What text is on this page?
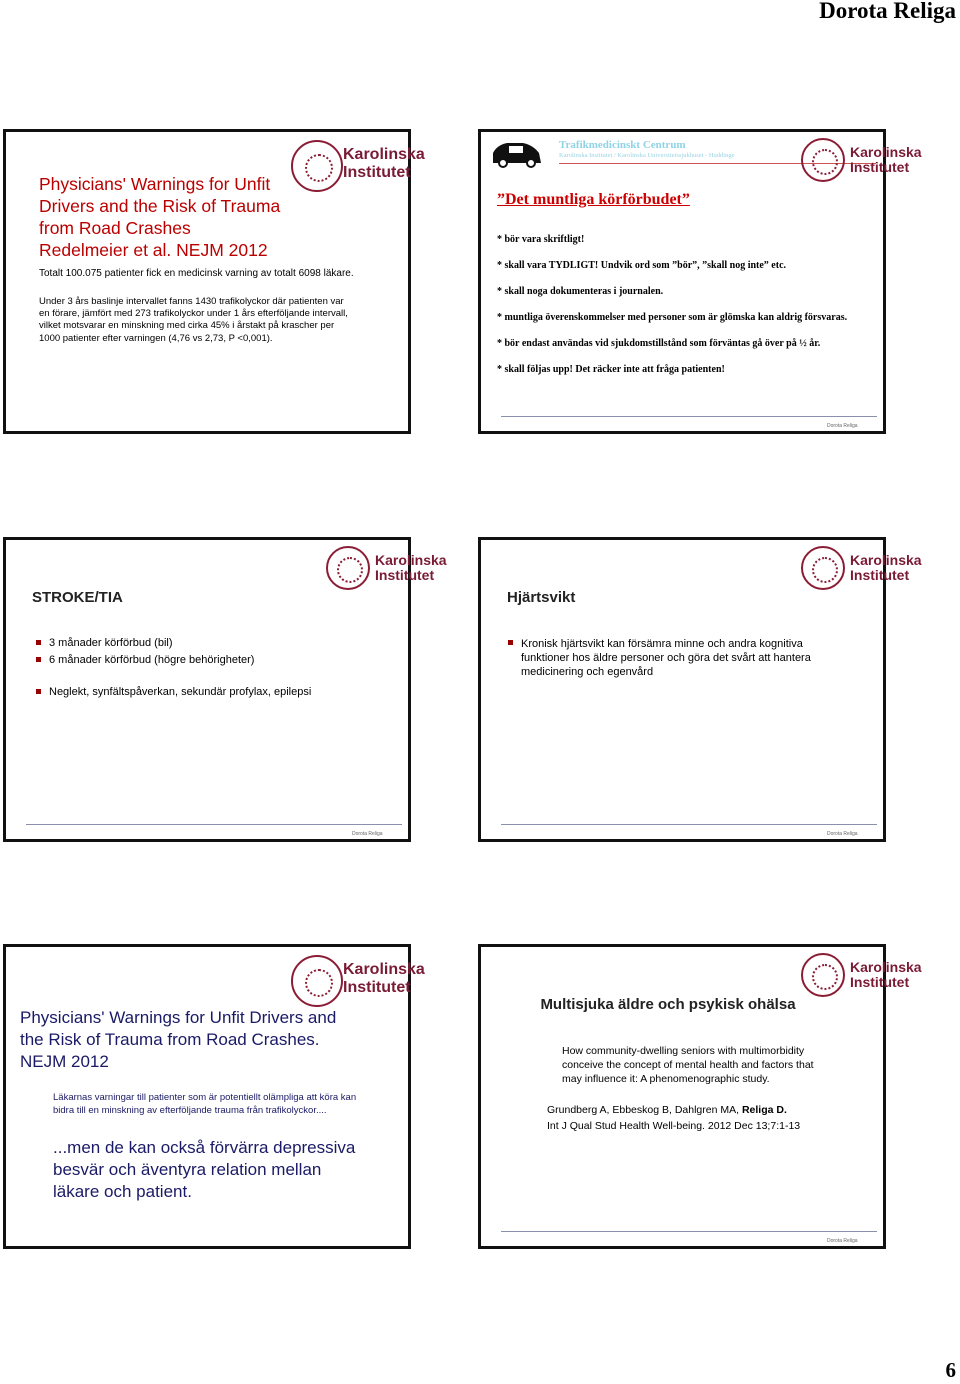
Dorota Religa
Karolinska
Institutet
Physicians' Warnings for Unfit
Drivers and the Risk of Trauma
from Road Crashes
Redelmeier et al. NEJM 2012
Totalt 100.075 patienter fick en medicinsk varning av totalt 6098 läkare.
Under 3 års baslinje intervallet fanns 1430 trafikolyckor där patienten var
en förare, jämfört med 273 trafikolyckor under 1 års efterföljande intervall,
vilket motsvarar en minskning med cirka 45% i årstakt på krascher per
1000 patienter efter varningen (4,76 vs 2,73, P <0,001).
Trafikmedicinskt Centrum
Karolinska Institutet / Karolinska Universitetssjukhuset - Huddinge	Karolinska
Institutet
”Det muntliga körförbudet”
* bör vara skriftligt!
* skall vara TYDLIGT! Undvik ord som ”bör”, ”skall nog inte” etc.
* skall noga dokumenteras i journalen.
* muntliga överenskommelser med personer som är glömska kan aldrig försvaras.
* bör endast användas vid sjukdomstillstånd som förväntas gå över på ½ år.
* skall följas upp! Det räcker inte att fråga patienten!
Dorota Religa
Karolinska
Institutet
STROKE/TIA
3 månader körförbud (bil)
6 månader körförbud (högre behörigheter)
Neglekt, synfältspåverkan, sekundär profylax, epilepsi
Dorota Religa
Karolinska
Institutet
Hjärtsvikt
Kronisk hjärtsvikt kan försämra minne och andra kognitiva
funktioner hos äldre personer och göra det svårt att hantera
medicinering och egenvård
Dorota Religa
Karolinska
Institutet
Physicians' Warnings for Unfit Drivers and
the Risk of Trauma from Road Crashes.
NEJM 2012
Läkarnas varningar till patienter som är potentiellt olämpliga att köra kan
bidra till en minskning av efterföljande trauma från trafikolyckor....
...men de kan också förvärra depressiva
besvär och äventyra relation mellan
läkare och patient.
Karolinska
Institutet
Multisjuka äldre och psykisk ohälsa
How community-dwelling seniors with multimorbidity
conceive the concept of mental health and factors that
may influence it: A phenomenographic study.
Grundberg A, Ebbeskog B, Dahlgren MA, Religa D.
Int J Qual Stud Health Well-being. 2012 Dec 13;7:1-13
Dorota Religa
6
